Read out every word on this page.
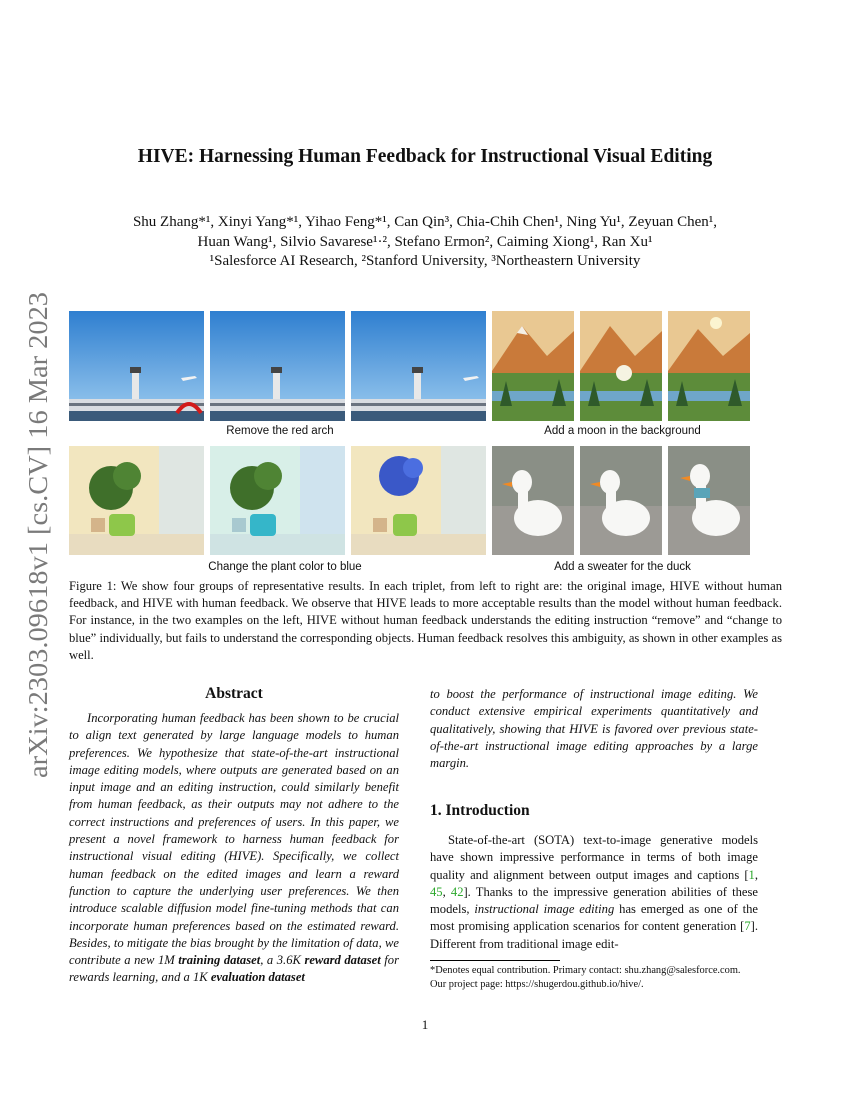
arXiv:2303.09618v1 [cs.CV] 16 Mar 2023
HIVE: Harnessing Human Feedback for Instructional Visual Editing
Shu Zhang*¹, Xinyi Yang*¹, Yihao Feng*¹, Can Qin³, Chia-Chih Chen¹, Ning Yu¹, Zeyuan Chen¹,
Huan Wang¹, Silvio Savarese¹·², Stefano Ermon², Caiming Xiong¹, Ran Xu¹
¹Salesforce AI Research, ²Stanford University, ³Northeastern University
Remove the red arch	Add a moon in the background
Change the plant color to blue	Add a sweater for the duck
Figure 1: We show four groups of representative results. In each triplet, from left to right are: the original image, HIVE without human feedback, and HIVE with human feedback. We observe that HIVE leads to more acceptable results than the model without human feedback. For instance, in the two examples on the left, HIVE without human feedback understands the editing instruction “remove” and “change to blue” individually, but fails to understand the corresponding objects. Human feedback resolves this ambiguity, as shown in other examples as well.
Abstract
Incorporating human feedback has been shown to be crucial to align text generated by large language models to human preferences. We hypothesize that state-of-the-art instructional image editing models, where outputs are generated based on an input image and an editing instruction, could similarly benefit from human feedback, as their outputs may not adhere to the correct instructions and preferences of users. In this paper, we present a novel framework to harness human feedback for instructional visual editing (HIVE). Specifically, we collect human feedback on the edited images and learn a reward function to capture the underlying user preferences. We then introduce scalable diffusion model fine-tuning methods that can incorporate human preferences based on the estimated reward. Besides, to mitigate the bias brought by the limitation of data, we contribute a new 1M training dataset, a 3.6K reward dataset for rewards learning, and a 1K evaluation dataset
to boost the performance of instructional image editing. We conduct extensive empirical experiments quantitatively and qualitatively, showing that HIVE is favored over previous state-of-the-art instructional image editing approaches by a large margin.
1. Introduction
State-of-the-art (SOTA) text-to-image generative models have shown impressive performance in terms of both image quality and alignment between output images and captions [1, 45, 42]. Thanks to the impressive generation abilities of these models, instructional image editing has emerged as one of the most promising application scenarios for content generation [7]. Different from traditional image edit-
*Denotes equal contribution. Primary contact: shu.zhang@salesforce.com.
Our project page: https://shugerdou.github.io/hive/.
1
